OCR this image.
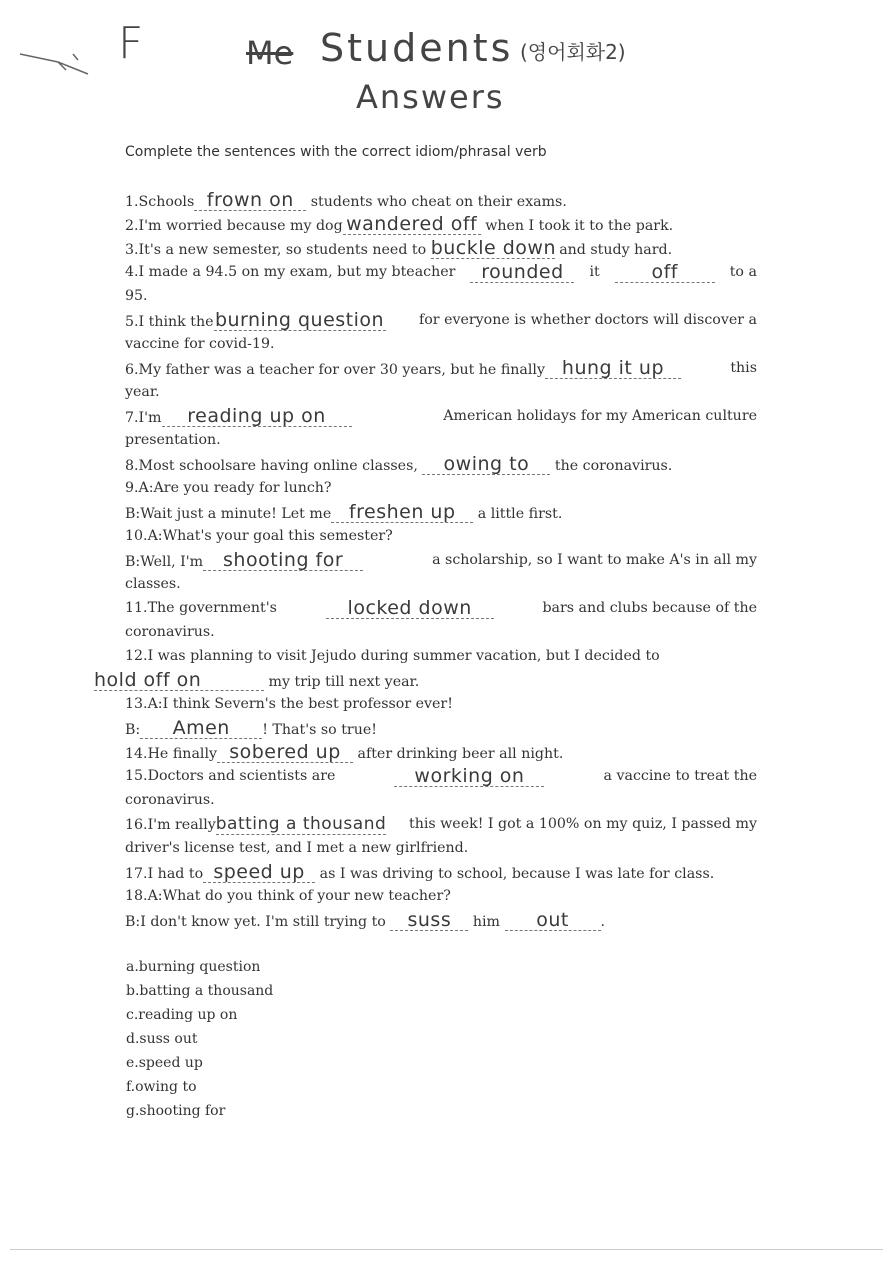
F	Me Students (영어회화2)
Answers
Complete the sentences with the correct idiom/phrasal verb
1.Schools frown on students who cheat on their exams.
2.I'm worried because my dog wandered off when I took it to the park.
3.It's a new semester, so students need to buckle down and study hard.
4.I made a 94.5 on my exam, but my bteacher	rounded	it	off	to a
95.
5.I think theburning question for everyone is whether doctors will discover a
vaccine for covid-19.
6.My father was a teacher for over 30 years, but he finally hung it up	this
year.
7.I'm reading up on	American holidays for my American culture
presentation.
8.Most schoolsare having online classes, owing to the coronavirus.
9.A:Are you ready for lunch?
B:Wait just a minute! Let me freshen up a little first.
10.A:What's your goal this semester?
B:Well, I'm shooting for	a scholarship, so I want to make A's in all my
classes.
11.The government's	locked down	bars and clubs because of the
coronavirus.
12.I was planning to visit Jejudo during summer vacation, but I decided to
hold off on	my trip till next year.
13.A:I think Severn's the best professor ever!
B: Amen ! That's so true!
14.He finally sobered up after drinking beer all night.
15.Doctors and scientists are	working on	a vaccine to treat the
coronavirus.
16.I'm reallybatting a thousand this week! I got a 100% on my quiz, I passed my
driver's license test, and I met a new girlfriend.
17.I had to speed up as I was driving to school, because I was late for class.
18.A:What do you think of your new teacher?
B:I don't know yet. I'm still trying to suss him out .
a.burning question
b.batting a thousand
c.reading up on
d.suss out
e.speed up
f.owing to
g.shooting for
